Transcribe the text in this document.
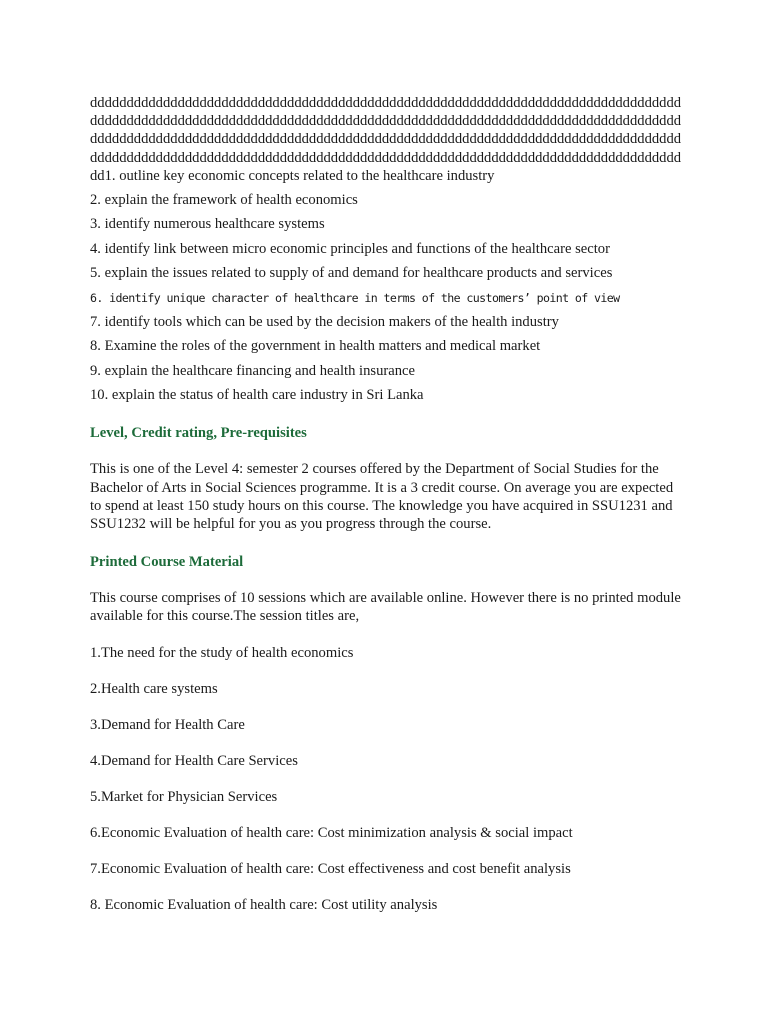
dddddddddddddddddddddddddddddddddddddddddddddddddddddddddddddddddddddddddddddddddddddddddddddddddddddddddddddddddddddddddddddddddddddddddddddddddddddddddddddddddddddddddddddddddddddddddddddddddddddddddddddddddddddddddddddddddddddddddddddddddddddddddddddddddddddddddddddddddddddddddddddddddddddddddddddddddddddddddddddddddddddd1. outline key economic concepts related to the healthcare industry

2. explain the framework of health economics
3. identify numerous healthcare systems
4. identify link between micro economic principles and functions of the healthcare sector
5. explain the issues related to supply of and demand for healthcare products and services
6. identify unique character of healthcare in terms of the customers’ point of view
7. identify tools which can be used by the decision makers of the health industry
8. Examine the roles of the government in health matters and medical market
9. explain the healthcare financing and health insurance
10. explain the status of health care industry in Sri Lanka
Level, Credit rating, Pre-requisites

This is one of the Level 4: semester 2 courses offered by the Department of Social Studies for the Bachelor of Arts in Social Sciences programme. It is a 3 credit course. On average you are expected to spend at least 150 study hours on this course. The knowledge you have acquired in SSU1231 and SSU1232 will be helpful for you as you progress through the course.

Printed Course Material

This course comprises of 10 sessions which are available online. However there is no printed module available for this course.The session titles are,

1.The need for the study of health economics
2.Health care systems
3.Demand for Health Care
4.Demand for Health Care Services
5.Market for Physician Services
6.Economic Evaluation of health care: Cost minimization analysis & social impact
7.Economic Evaluation of health care: Cost effectiveness and cost benefit analysis
8. Economic Evaluation of health care: Cost utility analysis
